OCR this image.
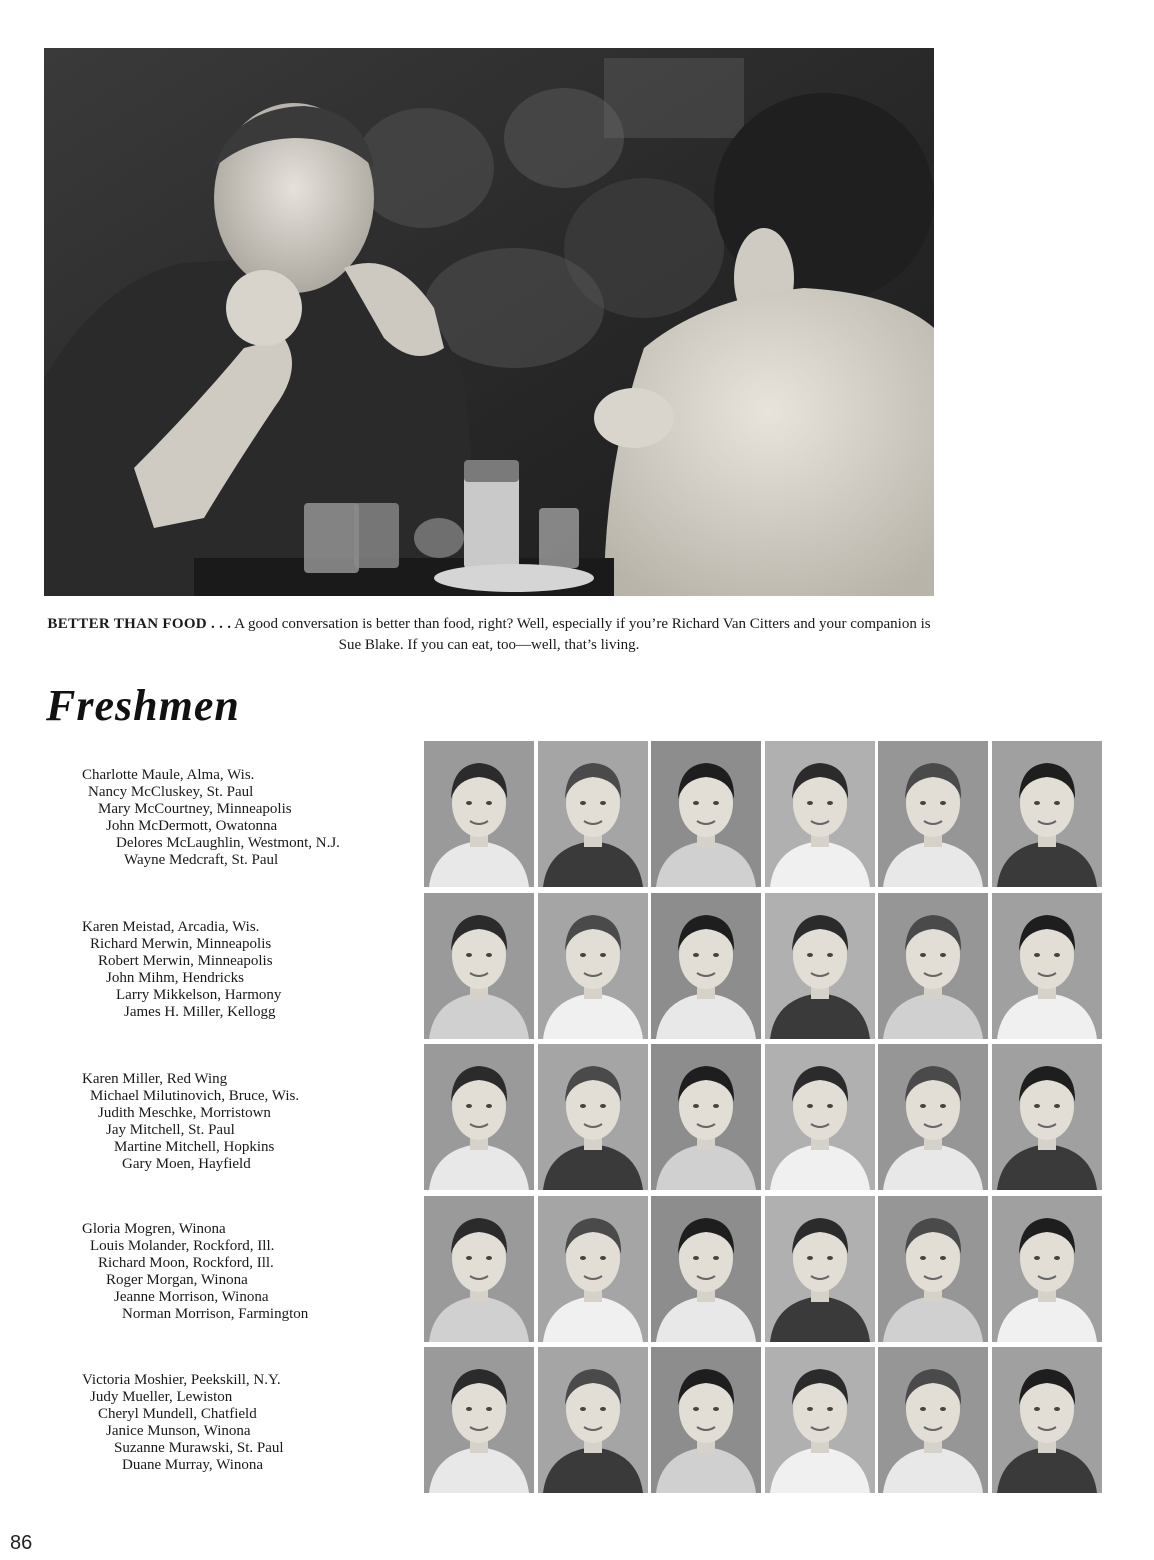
BETTER THAN FOOD . . . A good conversation is better than food, right? Well, especially if you’re Richard Van Citters and your companion is Sue Blake. If you can eat, too—well, that’s living.
Freshmen
Charlotte Maule, Alma, Wis.
Nancy McCluskey, St. Paul
Mary McCourtney, Minneapolis
John McDermott, Owatonna
Delores McLaughlin, Westmont, N.J.
Wayne Medcraft, St. Paul
Karen Meistad, Arcadia, Wis.
Richard Merwin, Minneapolis
Robert Merwin, Minneapolis
John Mihm, Hendricks
Larry Mikkelson, Harmony
James H. Miller, Kellogg
Karen Miller, Red Wing
Michael Milutinovich, Bruce, Wis.
Judith Meschke, Morristown
Jay Mitchell, St. Paul
Martine Mitchell, Hopkins
Gary Moen, Hayfield
Gloria Mogren, Winona
Louis Molander, Rockford, Ill.
Richard Moon, Rockford, Ill.
Roger Morgan, Winona
Jeanne Morrison, Winona
Norman Morrison, Farmington
Victoria Moshier, Peekskill, N.Y.
Judy Mueller, Lewiston
Cheryl Mundell, Chatfield
Janice Munson, Winona
Suzanne Murawski, St. Paul
Duane Murray, Winona
86
